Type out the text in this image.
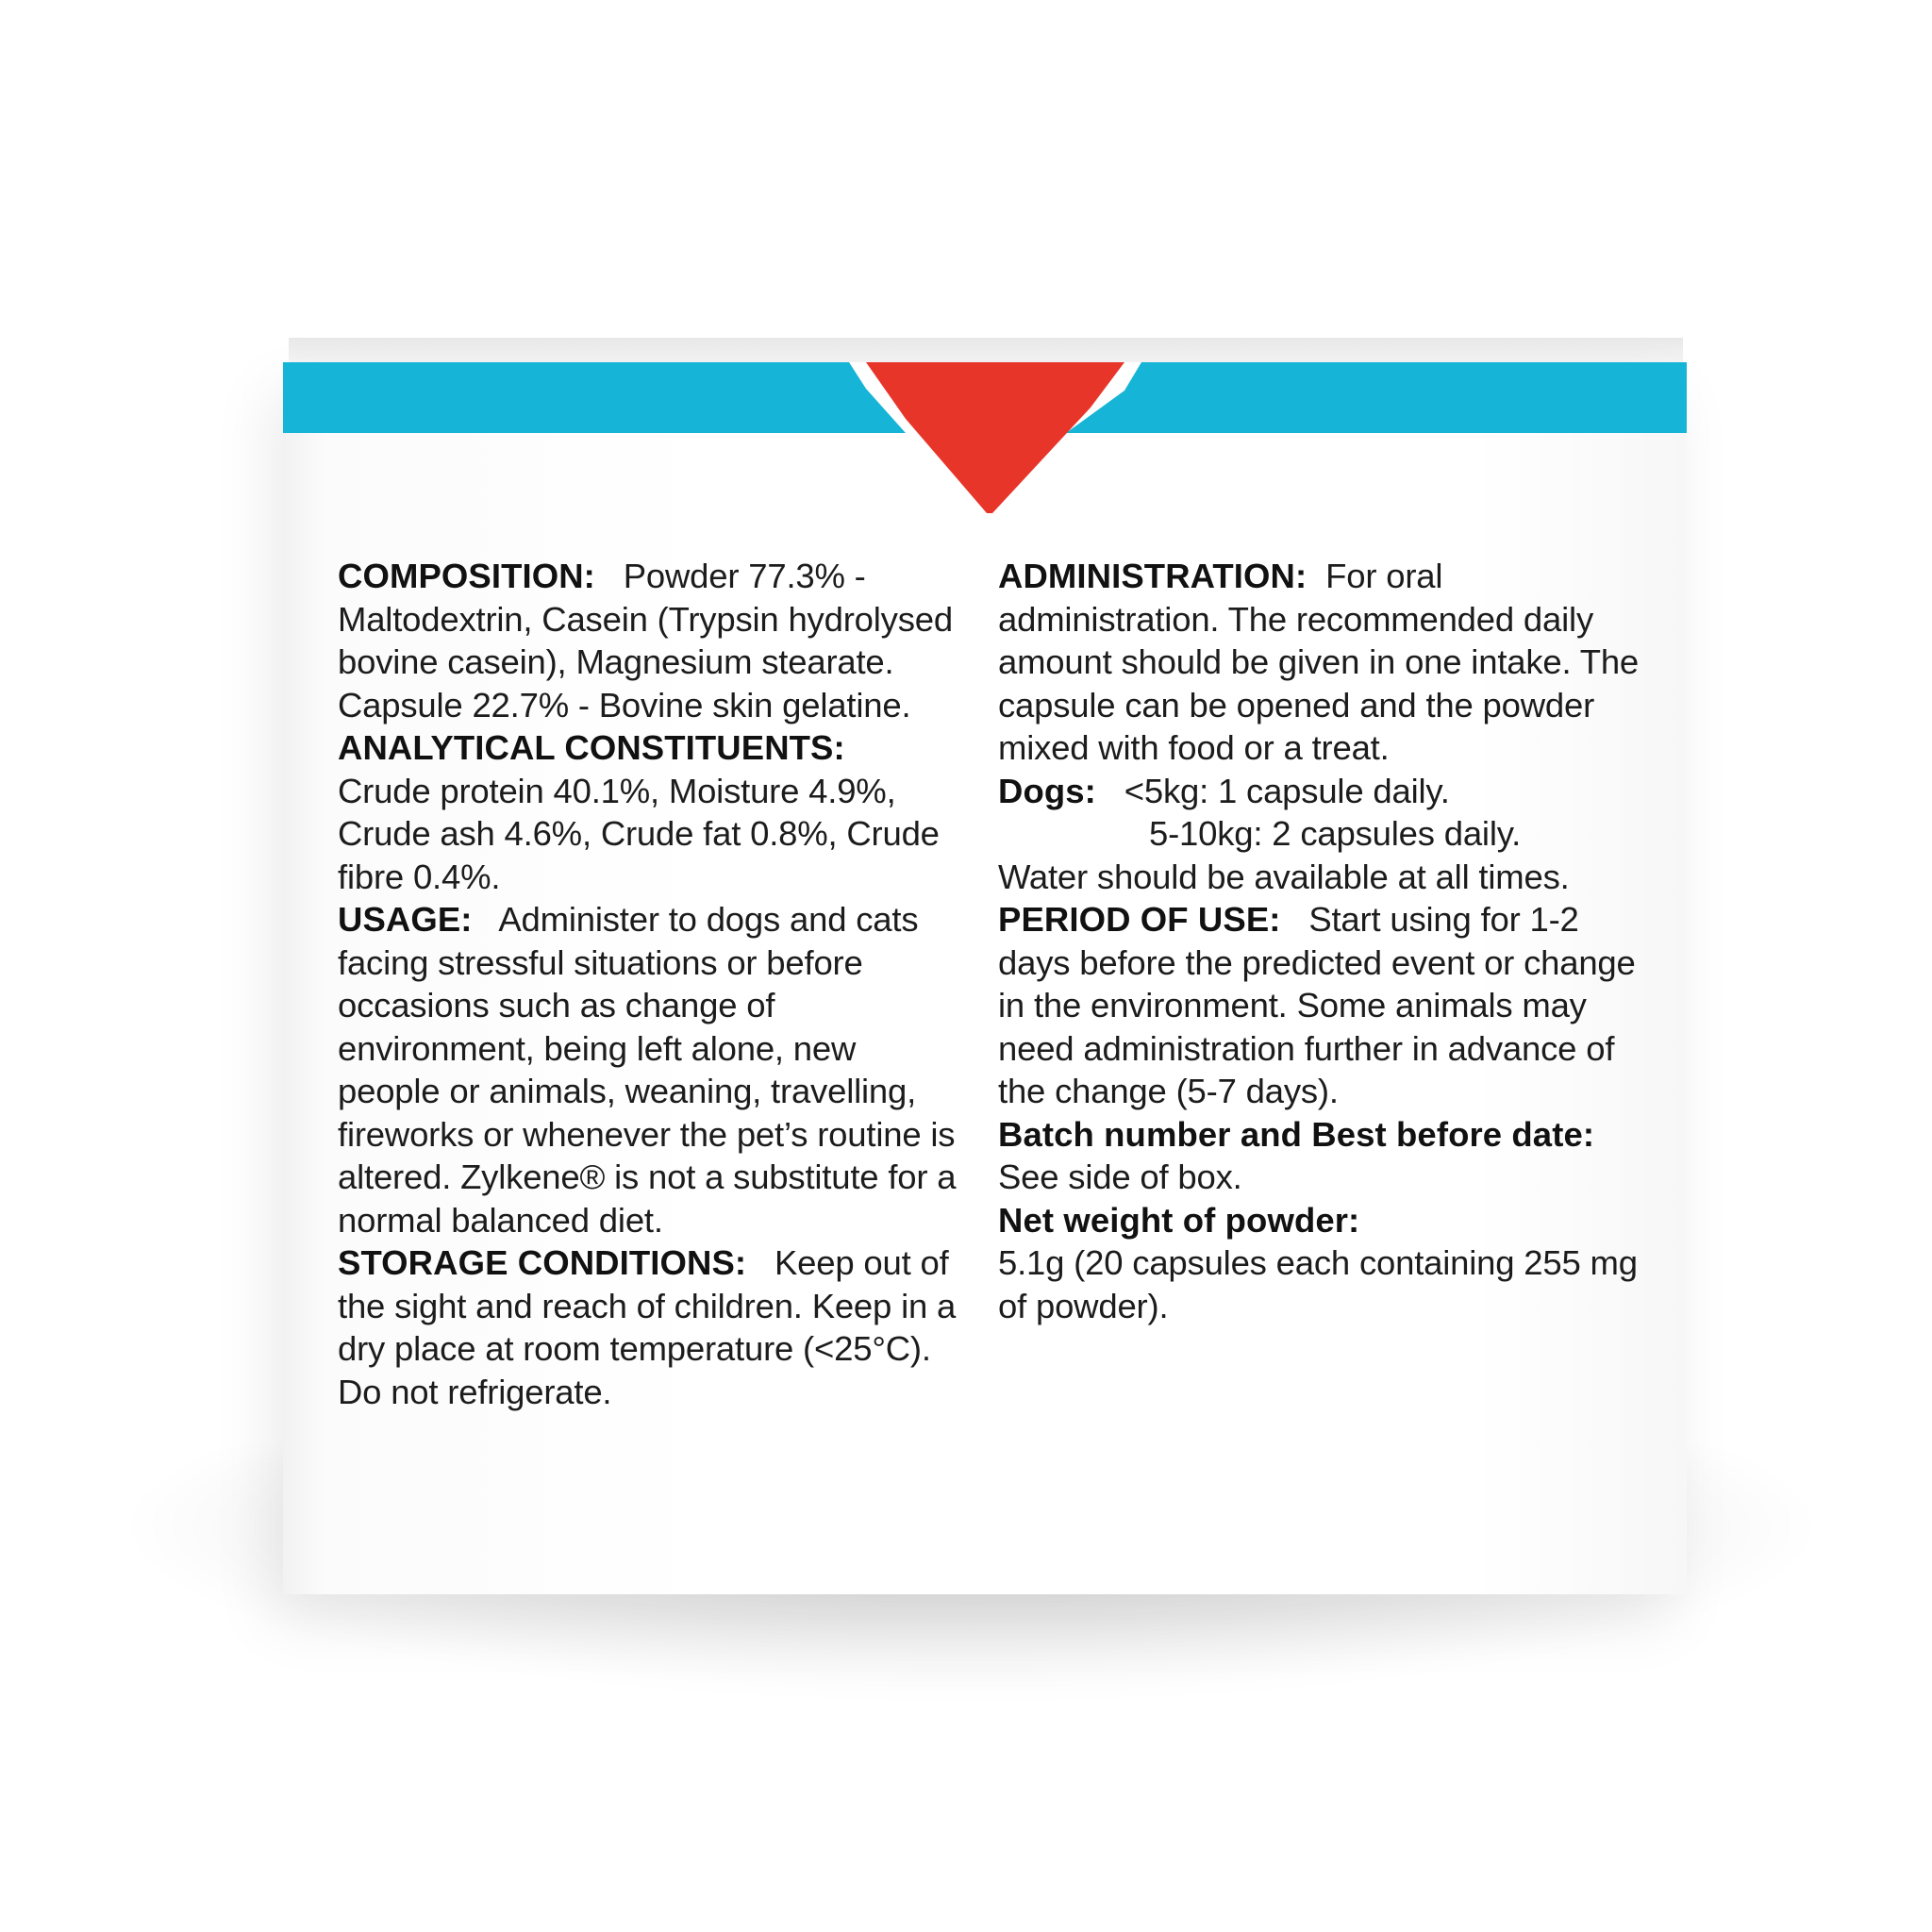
COMPOSITION: Powder 77.3% - Maltodextrin, Casein (Trypsin hydrolysed bovine casein), Magnesium stearate. Capsule 22.7% - Bovine skin gelatine.

ANALYTICAL CONSTITUENTS:
Crude protein 40.1%, Moisture 4.9%, Crude ash 4.6%, Crude fat 0.8%, Crude fibre 0.4%.

USAGE: Administer to dogs and cats facing stressful situations or before occasions such as change of environment, being left alone, new people or animals, weaning, travelling, fireworks or whenever the pet’s routine is altered. Zylkene® is not a substitute for a normal balanced diet.

STORAGE CONDITIONS: Keep out of the sight and reach of children. Keep in a dry place at room temperature (<25°C). Do not refrigerate.

ADMINISTRATION: For oral administration. The recommended daily amount should be given in one intake. The capsule can be opened and the powder mixed with food or a treat.

Dogs: <5kg: 1 capsule daily.

5-10kg: 2 capsules daily.

Water should be available at all times.

PERIOD OF USE: Start using for 1-2 days before the predicted event or change in the environment. Some animals may need administration further in advance of the change (5-7 days).

Batch number and Best before date:   See side of box.

Net weight of powder:
5.1g (20 capsules each containing 255 mg of powder).
